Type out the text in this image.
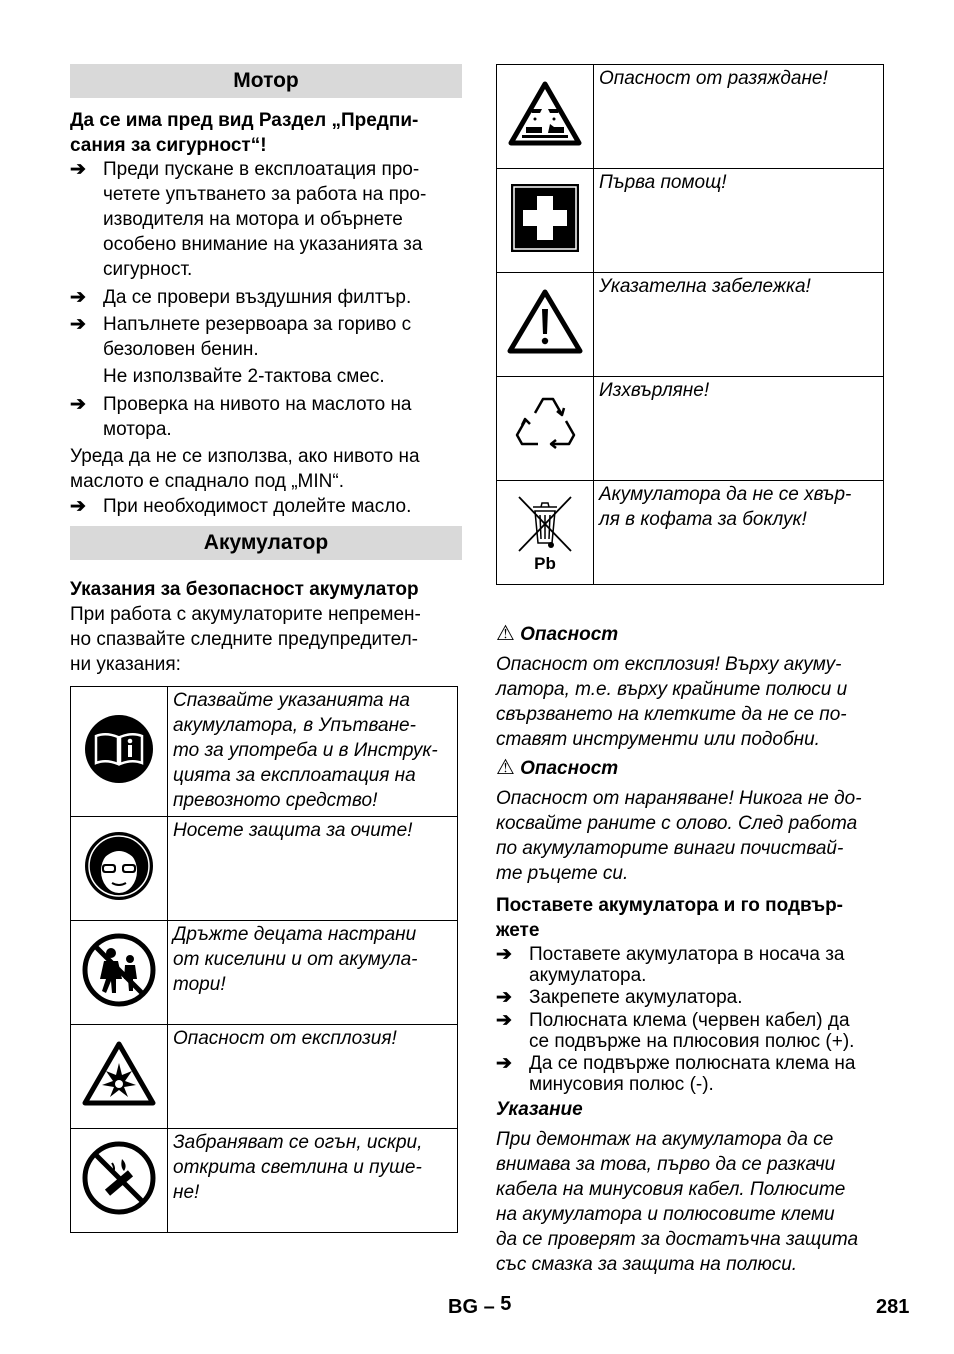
Мотор
Да се има пред вид Раздел „Предпи-
сания за сигурност“!
➔ Преди пускане в експлоатация про-
четете упътването за работа на про-
изводителя на мотора и обърнете
особено внимание на указанията за
сигурност.
➔ Да се провери въздушния филтър.
➔ Напълнете резервоара за гориво с
безоловен бенин.
Не използвайте 2-тактова смес.
➔ Проверка на нивото на маслото на
мотора.
Уреда да не се използва, ако нивото на
маслото е спаднало под „MIN“.
➔ При необходимост долейте масло.
Акумулатор
Указания за безопасност акумулатор
При работа с акумулаторите непремен-
но спазвайте следните предупредител-
ни указания:

Спазвайте указанията на
акумулатора, в Упътване-
то за употреба и в Инструк-
цията за експлоатация на
превозното средство!

Носете защита за очите!

Дръжте децата настрани
от киселини и от акумула-
тори!

Опасност от експлозия!

Забраняват се огън, искри,
открита светлина и пуше-
не!

Опасност от разяждане!

Първа помощ!

Указателна забележка!

Изхвърляне!

Pb	Акумулатора да не се хвър-
ля в кофата за боклук!
⚠ Опасност
Опасност от експлозия! Върху акуму-
латора, т.е. върху крайните полюси и
свързването на клетките да не се по-
ставят инструменти или подобни.
⚠ Опасност
Опасност от нараняване! Никога не до-
косвайте раните с олово. След работа
по акумулаторите винаги почиствай-
те ръцете си.
Поставете акумулатора и го подвър-
жете
➔ Поставете акумулатора в носача за
акумулатора.
➔ Закрепете акумулатора.
➔ Полюсната клема (червен кабел) да
се подвърже на плюсовия полюс (+).
➔ Да се подвърже полюсната клема на
минусовия полюс (-).
Указание
При демонтаж на акумулатора да се
внимава за това, първо да се разкачи
кабела на минусовия кабел. Полюсите
на акумулатора и полюсовите клеми
да се проверят за достатъчна защита
със смазка за защита на полюси.
BG – 5	281
